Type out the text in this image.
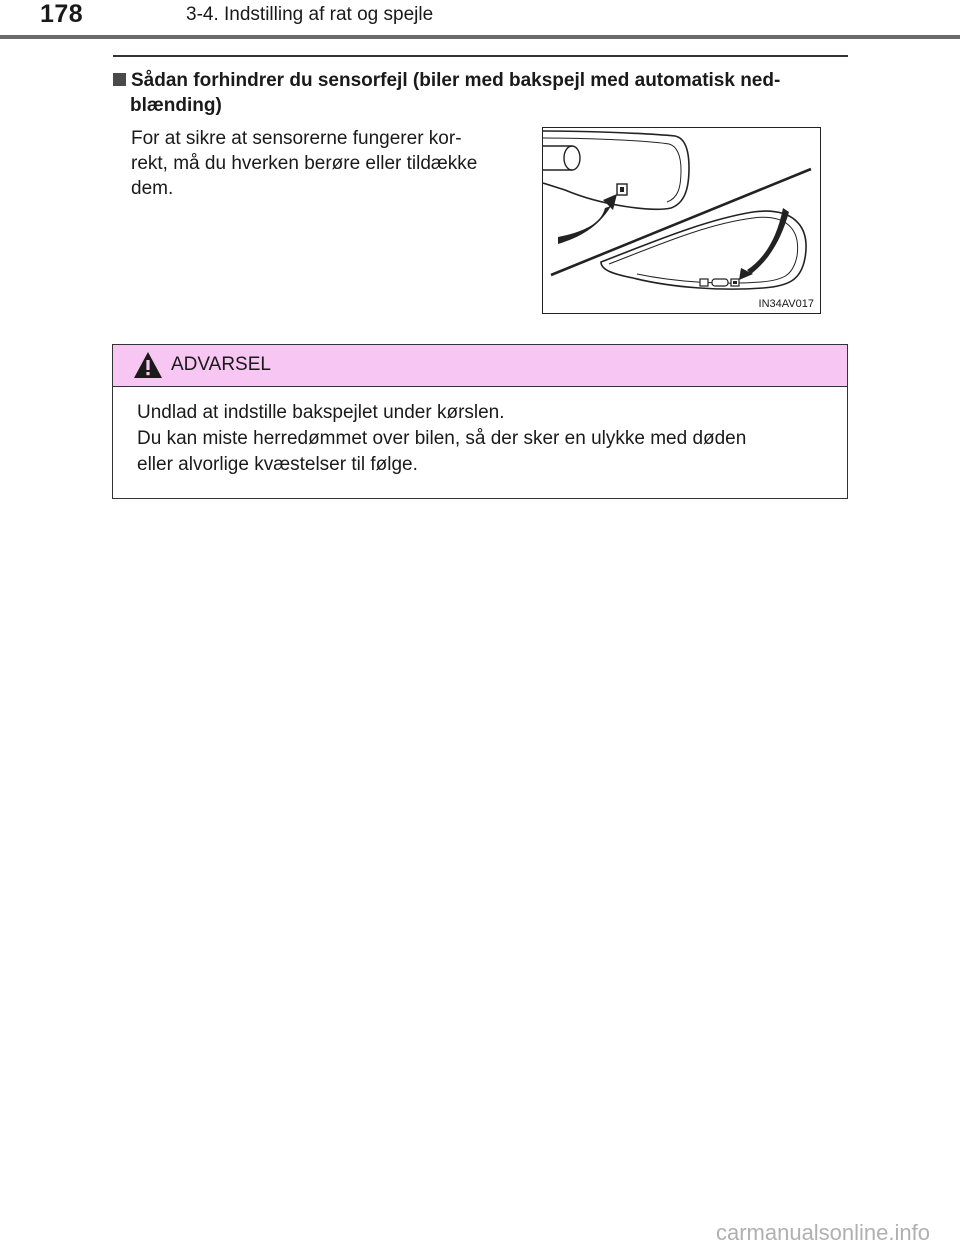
178	3-4. Indstilling af rat og spejle
Sådan forhindrer du sensorfejl (biler med bakspejl med automatisk ned-
blænding)
For at sikre at sensorerne fungerer kor-
rekt, må du hverken berøre eller tildække
dem.
IN34AV017
ADVARSEL
Undlad at indstille bakspejlet under kørslen.
Du kan miste herredømmet over bilen, så der sker en ulykke med døden
eller alvorlige kvæstelser til følge.
carmanualsonline.info
